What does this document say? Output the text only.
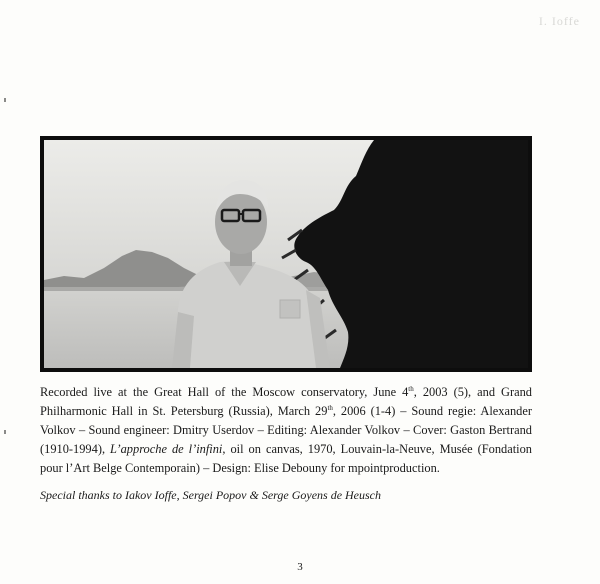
I. Ioffe

Recorded live at the Great Hall of the Moscow conservatory, June 4th, 2003 (5), and Grand Philharmonic Hall in St. Petersburg (Russia), March 29th, 2006 (1-4) – Sound regie: Alexander Volkov – Sound engineer: Dmitry Userdov – Editing: Alexander Volkov – Cover: Gaston Bertrand (1910-1994), L’approche de l’infini, oil on canvas, 1970, Louvain-la-Neuve, Musée (Fondation pour l’Art Belge Contemporain) – Design: Elise Debouny for mpointproduction.

Special thanks to Iakov Ioffe, Sergei Popov & Serge Goyens de Heusch

3
